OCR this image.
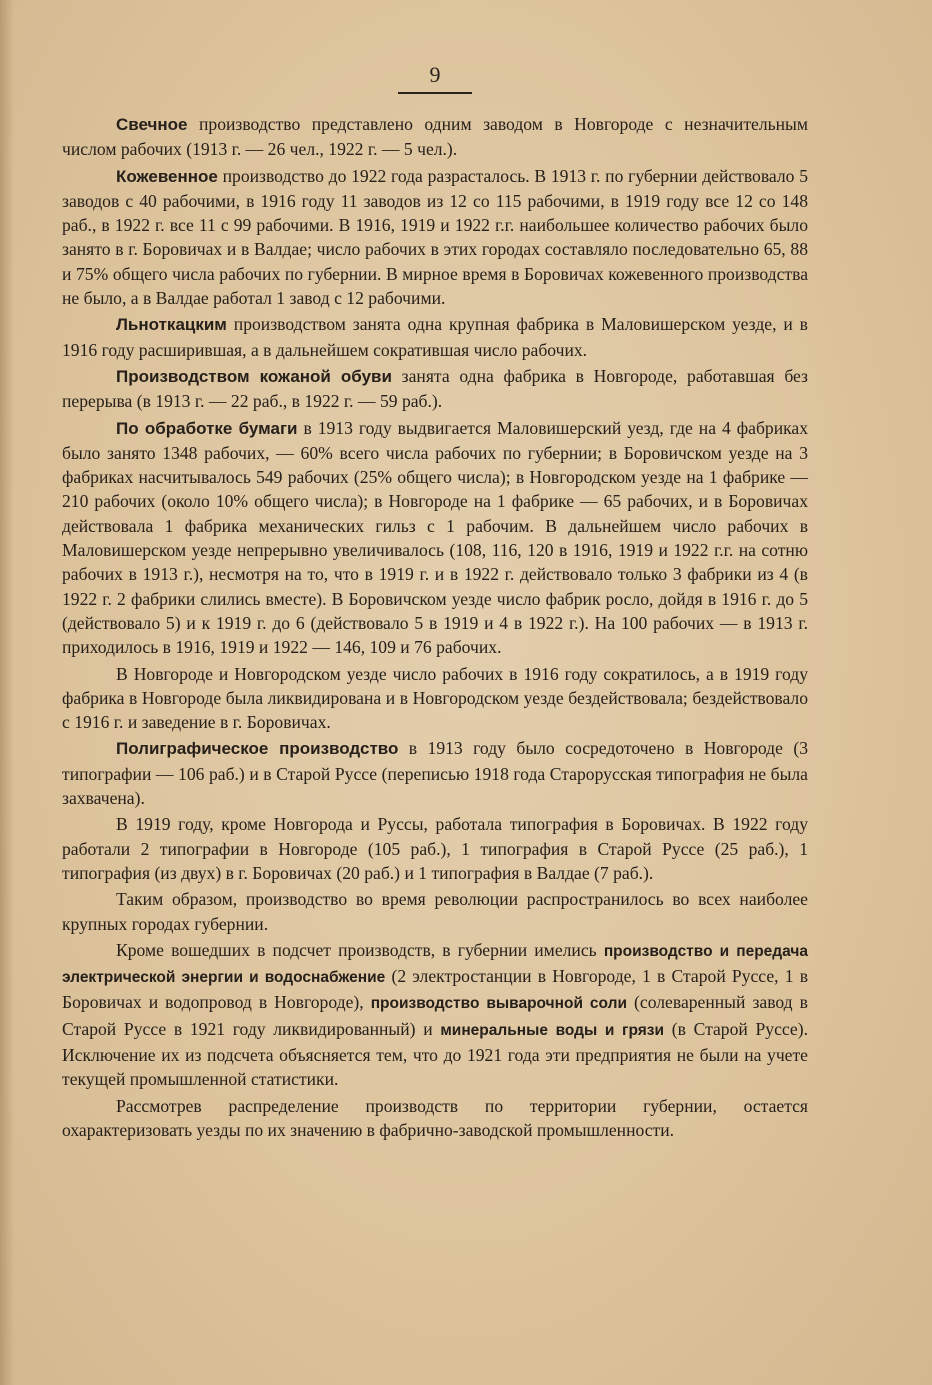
9

Свечное производство представлено одним заводом в Новгороде с незначительным числом рабочих (1913 г. — 26 чел., 1922 г. — 5 чел.).

Кожевенное производство до 1922 года разрасталось. В 1913 г. по губернии действовало 5 заводов с 40 рабочими, в 1916 году 11 заводов из 12 со 115 рабочими, в 1919 году все 12 со 148 раб., в 1922 г. все 11 с 99 рабочими. В 1916, 1919 и 1922 г.г. наибольшее количество рабочих было занято в г. Боровичах и в Валдае; число рабочих в этих городах составляло последовательно 65, 88 и 75% общего числа рабочих по губернии. В мирное время в Боровичах кожевенного производства не было, а в Валдае работал 1 завод с 12 рабочими.

Льноткацким производством занята одна крупная фабрика в Маловишерском уезде, и в 1916 году расширившая, а в дальнейшем сократившая число рабочих.

Производством кожаной обуви занята одна фабрика в Новгороде, работавшая без перерыва (в 1913 г. — 22 раб., в 1922 г. — 59 раб.).

По обработке бумаги в 1913 году выдвигается Маловишерский уезд, где на 4 фабриках было занято 1348 рабочих, — 60% всего числа рабочих по губернии; в Боровичском уезде на 3 фабриках насчитывалось 549 рабочих (25% общего числа); в Новгородском уезде на 1 фабрике — 210 рабочих (около 10% общего числа); в Новгороде на 1 фабрике — 65 рабочих, и в Боровичах действовала 1 фабрика механических гильз с 1 рабочим. В дальнейшем число рабочих в Маловишерском уезде непрерывно увеличивалось (108, 116, 120 в 1916, 1919 и 1922 г.г. на сотню рабочих в 1913 г.), несмотря на то, что в 1919 г. и в 1922 г. действовало только 3 фабрики из 4 (в 1922 г. 2 фабрики слились вместе). В Боровичском уезде число фабрик росло, дойдя в 1916 г. до 5 (действовало 5) и к 1919 г. до 6 (действовало 5 в 1919 и 4 в 1922 г.). На 100 рабочих — в 1913 г. приходилось в 1916, 1919 и 1922 — 146, 109 и 76 рабочих.

В Новгороде и Новгородском уезде число рабочих в 1916 году сократилось, а в 1919 году фабрика в Новгороде была ликвидирована и в Новгородском уезде бездействовала; бездействовало с 1916 г. и заведение в г. Боровичах.

Полиграфическое производство в 1913 году было сосредоточено в Новгороде (3 типографии — 106 раб.) и в Старой Руссе (переписью 1918 года Старорусская типография не была захвачена).

В 1919 году, кроме Новгорода и Руссы, работала типография в Боровичах. В 1922 году работали 2 типографии в Новгороде (105 раб.), 1 типография в Старой Руссе (25 раб.), 1 типография (из двух) в г. Боровичах (20 раб.) и 1 типография в Валдае (7 раб.).

Таким образом, производство во время революции распространилось во всех наиболее крупных городах губернии.

Кроме вошедших в подсчет производств, в губернии имелись производство и передача электрической энергии и водоснабжение (2 электростанции в Новгороде, 1 в Старой Руссе, 1 в Боровичах и водопровод в Новгороде), производство выварочной соли (солеваренный завод в Старой Руссе в 1921 году ликвидированный) и минеральные воды и грязи (в Старой Руссе). Исключение их из подсчета объясняется тем, что до 1921 года эти предприятия не были на учете текущей промышленной статистики.

Рассмотрев распределение производств по территории губернии, остается охарактеризовать уезды по их значению в фабрично-заводской промышленности.
